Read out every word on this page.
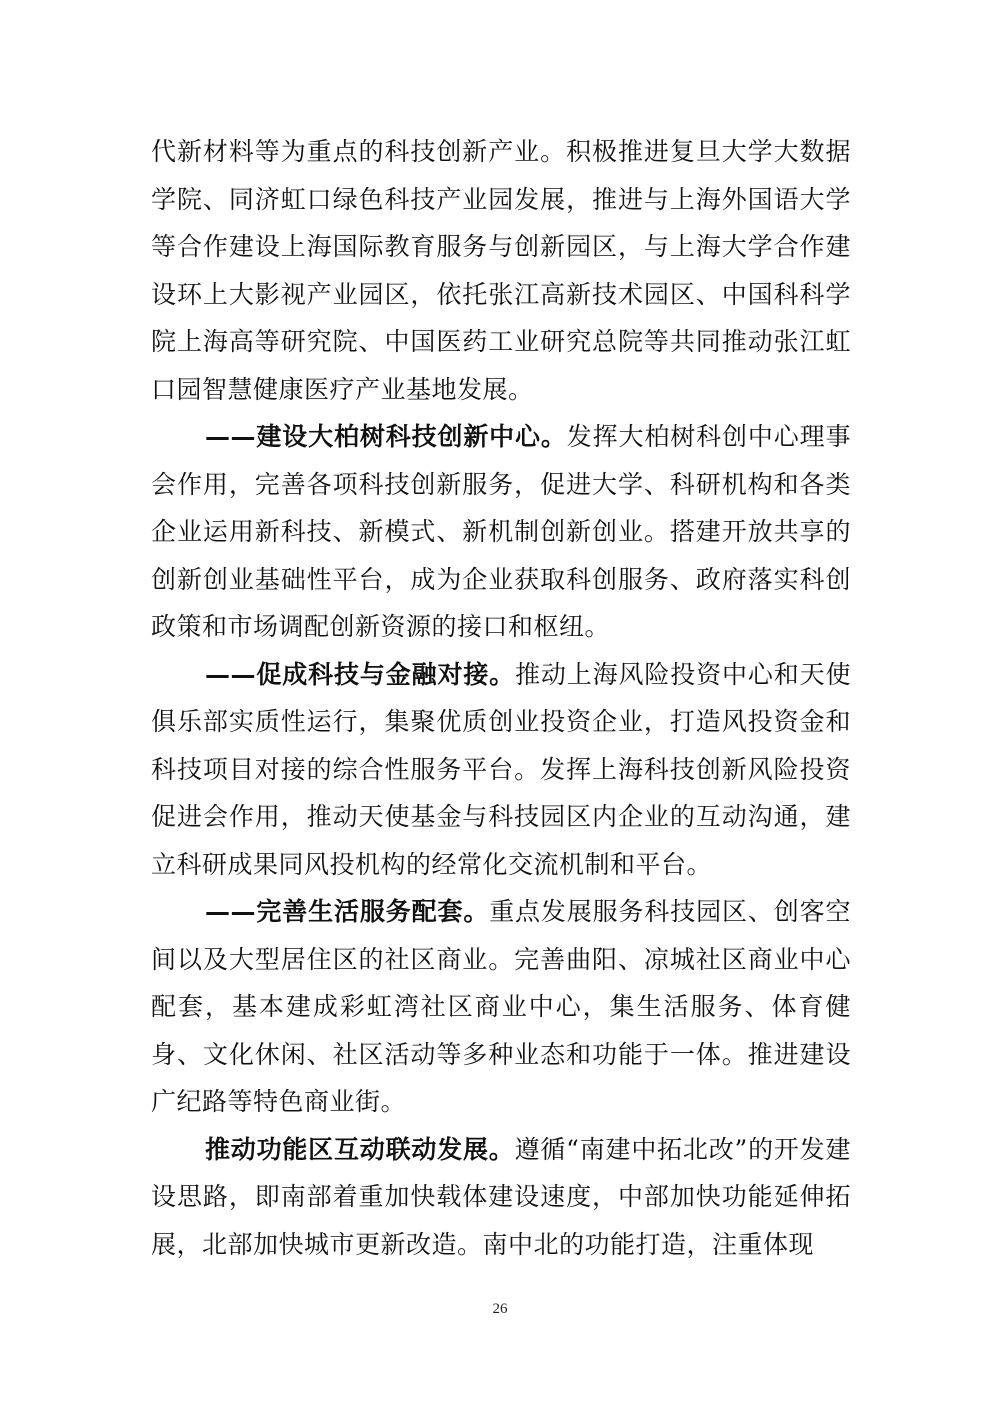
代新材料等为重点的科技创新产业。积极推进复旦大学大数据学院、同济虹口绿色科技产业园发展，推进与上海外国语大学等合作建设上海国际教育服务与创新园区，与上海大学合作建设环上大影视产业园区，依托张江高新技术园区、中国科科学院上海高等研究院、中国医药工业研究总院等共同推动张江虹口园智慧健康医疗产业基地发展。

——建设大柏树科技创新中心。发挥大柏树科创中心理事会作用，完善各项科技创新服务，促进大学、科研机构和各类企业运用新科技、新模式、新机制创新创业。搭建开放共享的创新创业基础性平台，成为企业获取科创服务、政府落实科创政策和市场调配创新资源的接口和枢纽。

——促成科技与金融对接。推动上海风险投资中心和天使俱乐部实质性运行，集聚优质创业投资企业，打造风投资金和科技项目对接的综合性服务平台。发挥上海科技创新风险投资促进会作用，推动天使基金与科技园区内企业的互动沟通，建立科研成果同风投机构的经常化交流机制和平台。

——完善生活服务配套。重点发展服务科技园区、创客空间以及大型居住区的社区商业。完善曲阳、凉城社区商业中心配套，基本建成彩虹湾社区商业中心，集生活服务、体育健身、文化休闲、社区活动等多种业态和功能于一体。推进建设广纪路等特色商业街。

推动功能区互动联动发展。遵循“南建中拓北改”的开发建设思路，即南部着重加快载体建设速度，中部加快功能延伸拓展，北部加快城市更新改造。南中北的功能打造，注重体现

26
